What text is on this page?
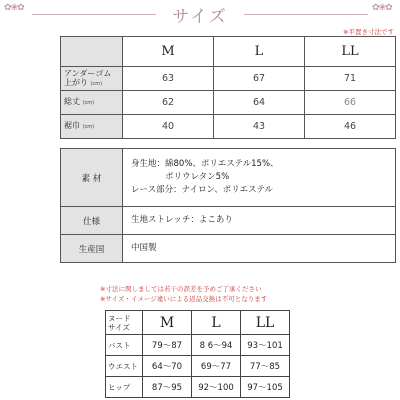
✿❀✿	サイズ	✿❀✿
※平置き寸法です
	M	L	LL
アンダーゴム
上がり (cm)	63	67	71
総丈 (cm)	62	64	66
裾巾 (cm)	40	43	46
素 材	身生地：綿80%、ポリエステル15%、
　　　　ポリウレタン5%
レース部分：ナイロン、ポリエステル

仕様	生地ストレッチ：よこあり
生産国	中国製
※寸法に関しましては若干の誤差を予めご了承ください
※サイズ・イメージ違いによる返品交換は不可となります
ヌード
サイズ	M	L	LL
バスト	79〜87	8 6〜94	93〜101
ウエスト	64〜70	69〜77	77〜85
ヒップ	87〜95	92〜100	97〜105
